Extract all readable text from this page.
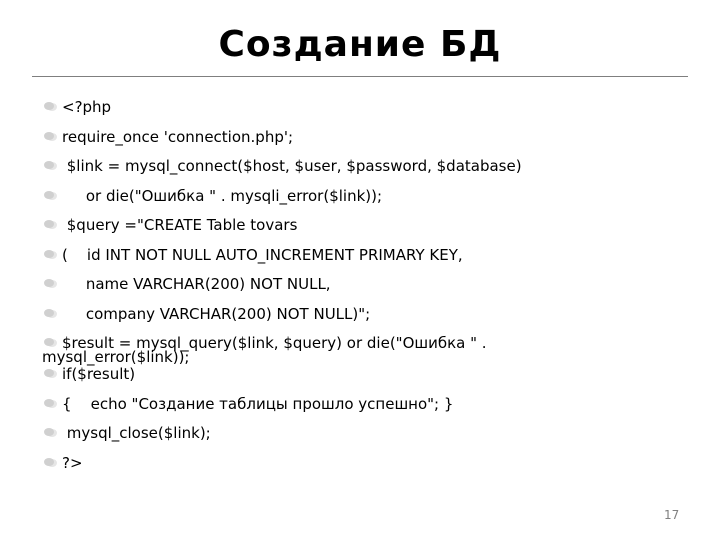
Создание БД
<?php
require_once 'connection.php';
$link = mysql_connect($host, $user, $password, $database)
or die("Ошибка " . mysqli_error($link));
$query ="CREATE Table tovars
(    id INT NOT NULL AUTO_INCREMENT PRIMARY KEY,
name VARCHAR(200) NOT NULL,
company VARCHAR(200) NOT NULL)";

$result = mysql_query($link, $query) or die("Ошибка " .

mysql_error($link));

if($result)
{    echo "Создание таблицы прошло успешно"; }
mysql_close($link);
?>
17
